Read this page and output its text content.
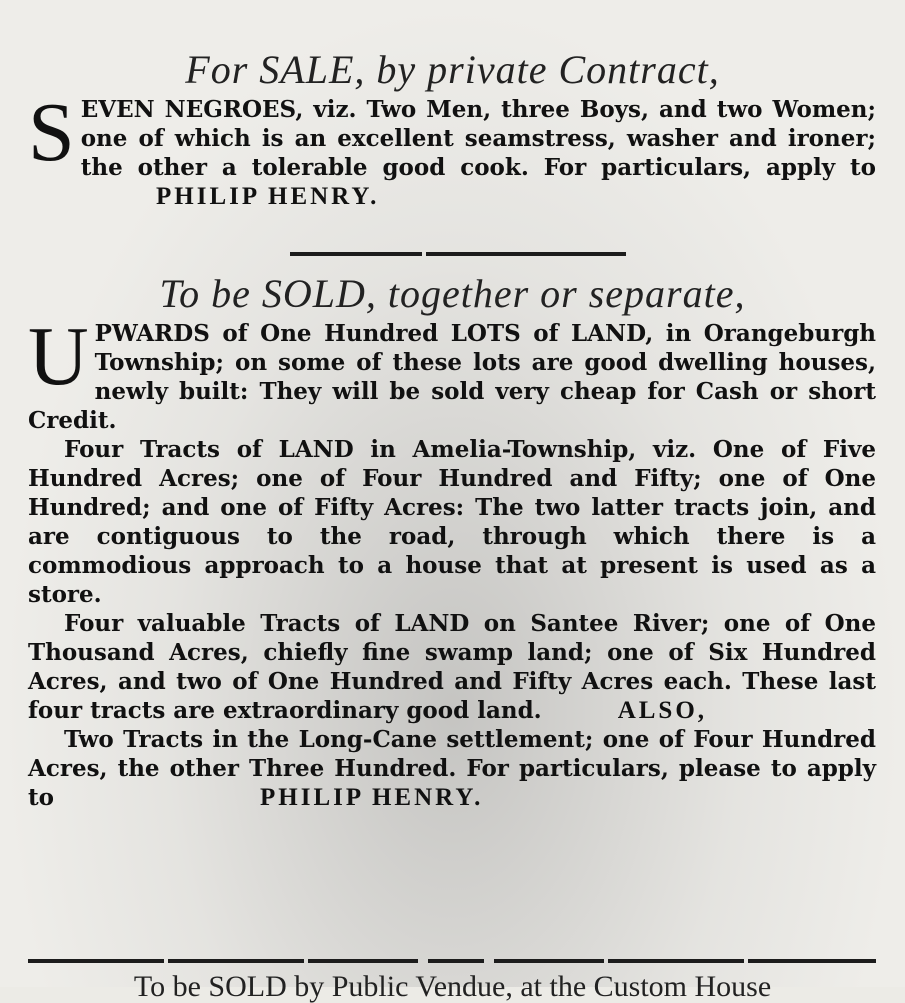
For SALE, by private Contract,
S EVEN NEGROES, viz. Two Men, three Boys, and two Women; one of which is an excellent seamstress, washer and ironer; the other a tolerable good cook. For particulars, apply to  PHILIP HENRY.
To be SOLD, together or separate,
U PWARDS of One Hundred LOTS of LAND, in Orangeburgh Township; on some of these lots are good dwelling houses, newly built: They will be sold very cheap for Cash or short Credit.
Four Tracts of LAND in Amelia-Township, viz. One of Five Hundred Acres; one of Four Hundred and Fifty; one of One Hundred; and one of Fifty Acres: The two latter tracts join, and are contiguous to the road, through which there is a commodious approach to a house that at present is used as a store.
Four valuable Tracts of LAND on Santee River; one of One Thousand Acres, chiefly fine swamp land; one of Six Hundred Acres, and two of One Hundred and Fifty Acres each. These last four tracts are extraordinary good land.	ALSO,
Two Tracts in the Long-Cane settlement; one of Four Hundred Acres, the other Three Hundred. For particulars, please to apply to	PHILIP HENRY.
To be SOLD by Public Vendue, at the Custom House
